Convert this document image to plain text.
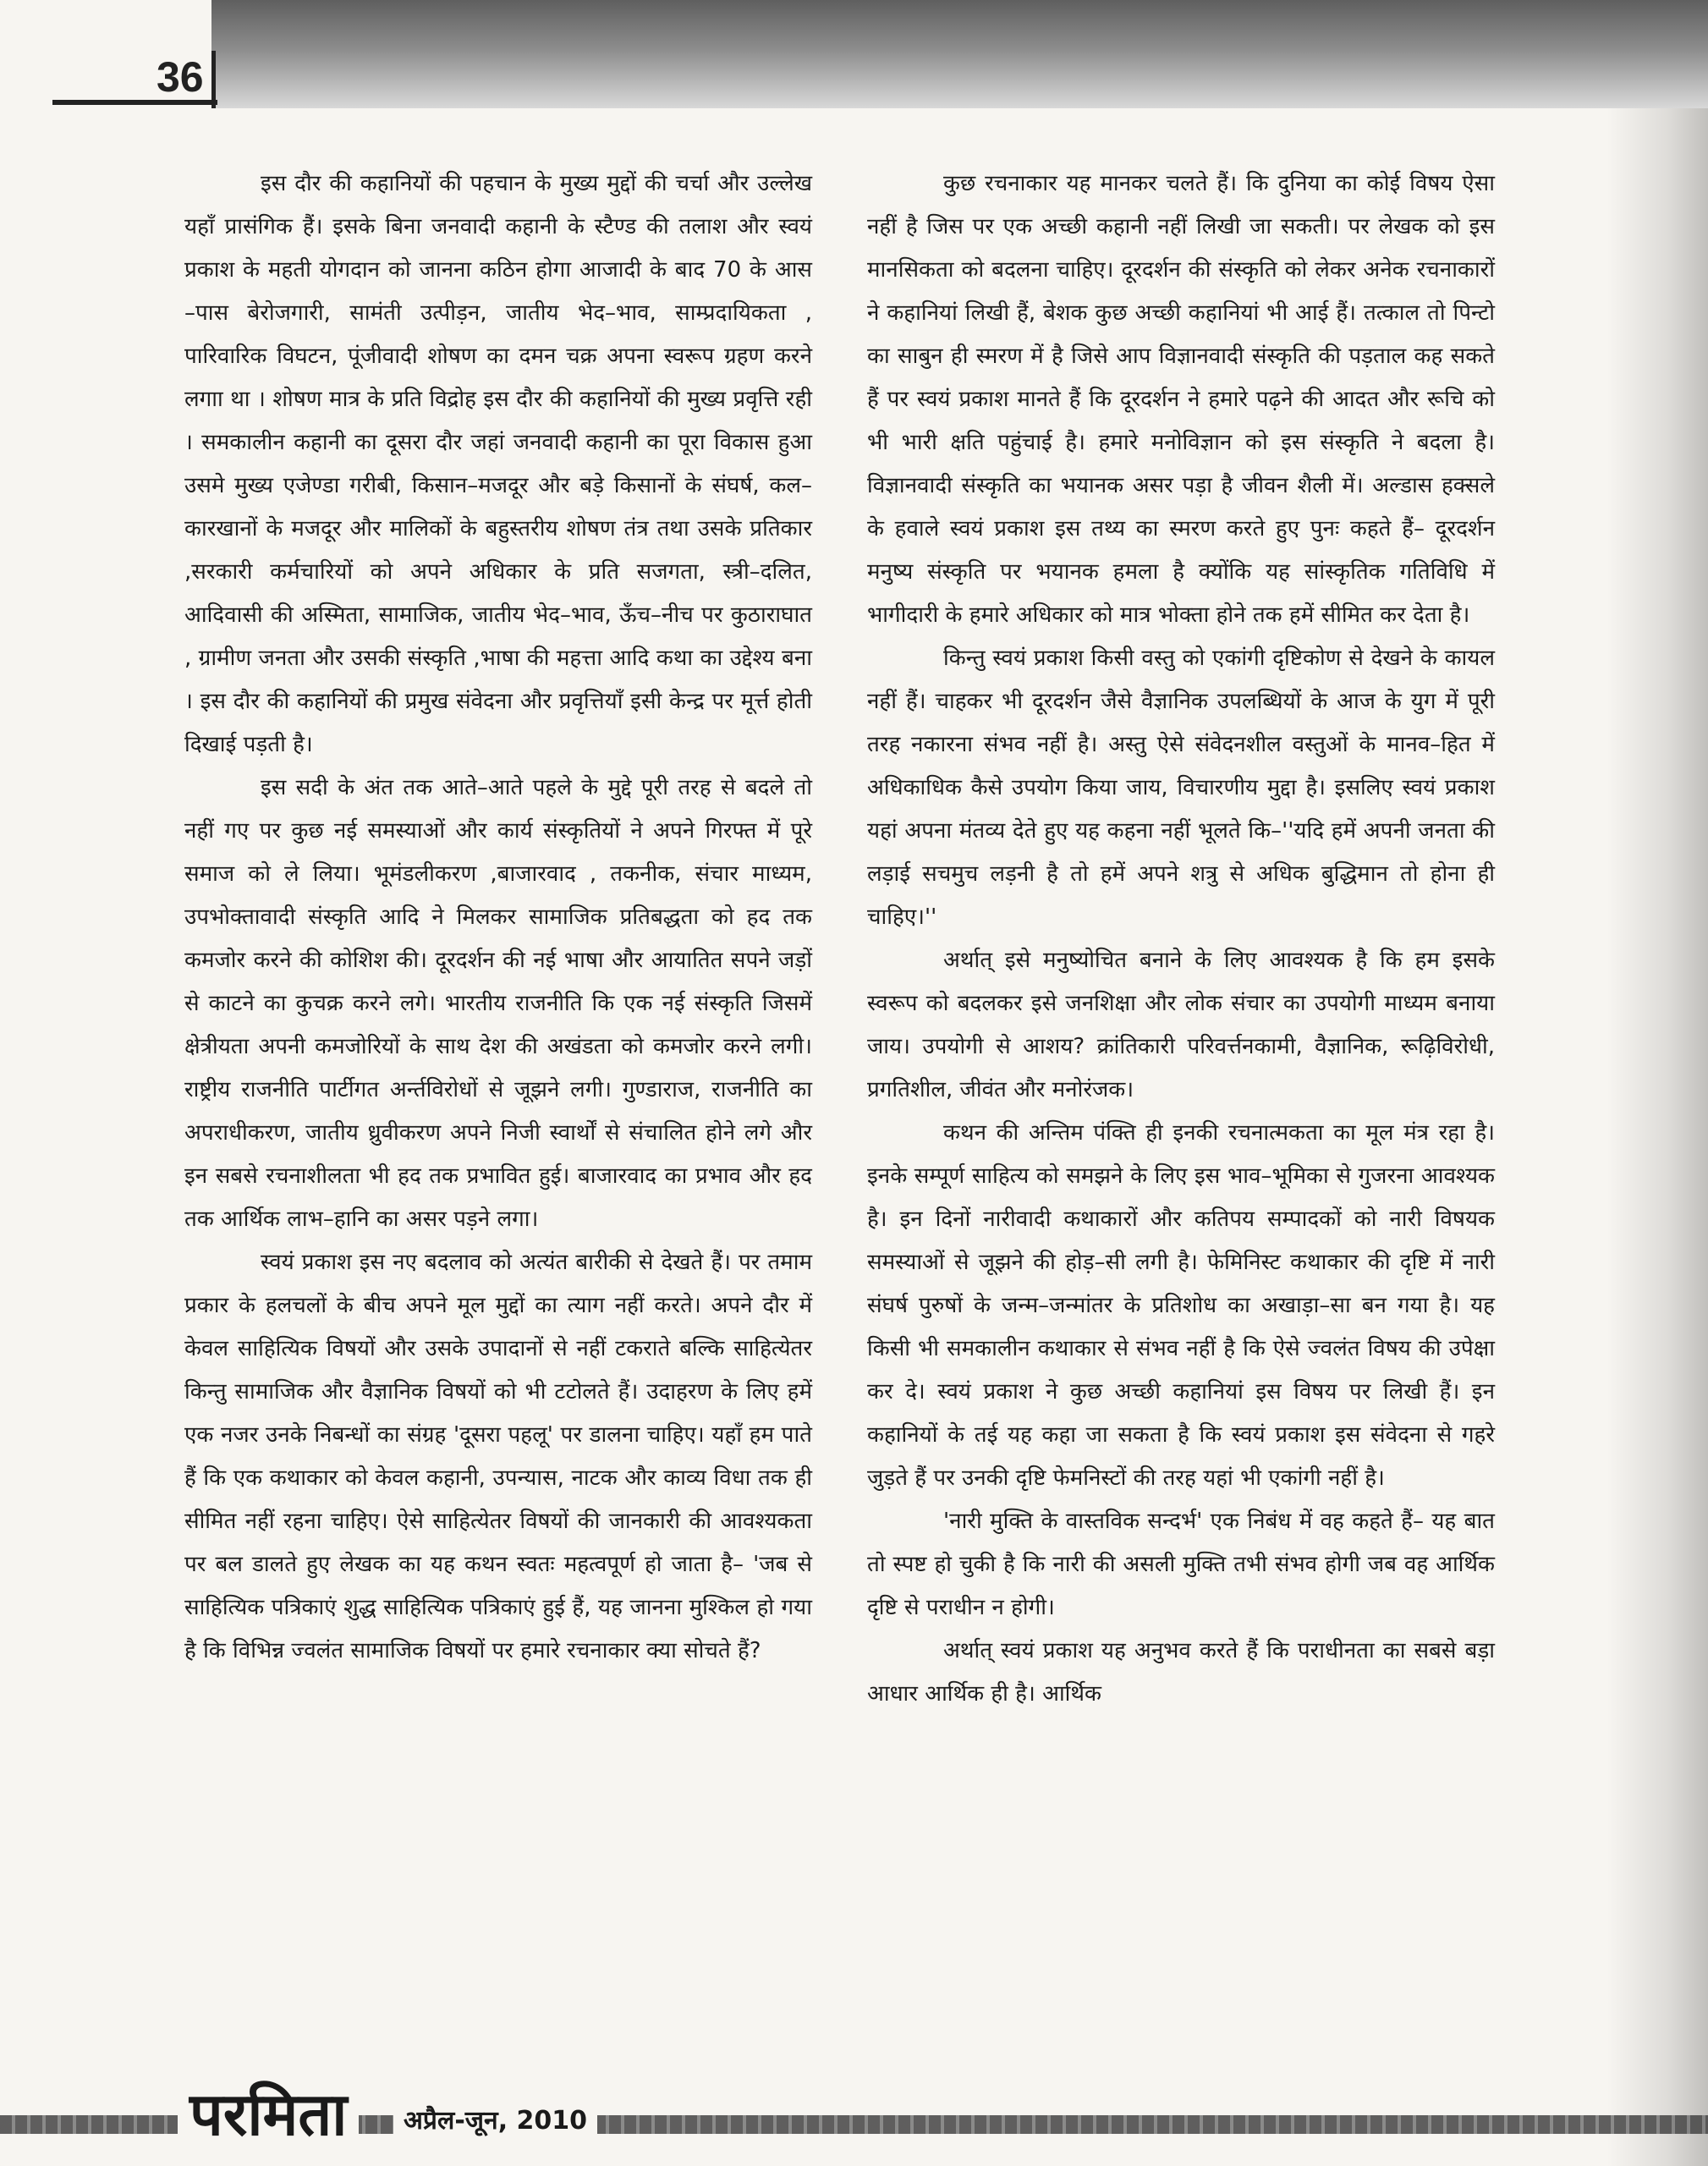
36

इस दौर की कहानियों की पहचान के मुख्य मुद्दों की चर्चा और उल्लेख यहाँ प्रासंगिक हैं। इसके बिना जनवादी कहानी के स्टैण्ड की तलाश और स्वयं प्रकाश के महती योगदान को जानना कठिन होगा आजादी के बाद 70 के आस –पास बेरोजगारी, सामंती उत्पीड़न, जातीय भेद–भाव, साम्प्रदायिकता , पारिवारिक विघटन, पूंजीवादी शोषण का दमन चक्र अपना स्वरूप ग्रहण करने लगाा था । शोषण मात्र के प्रति विद्रोह इस दौर की कहानियों की मुख्य प्रवृत्ति रही । समकालीन कहानी का दूसरा दौर जहां जनवादी कहानी का पूरा विकास हुआ उसमे मुख्य एजेण्डा गरीबी, किसान–मजदूर और बड़े किसानों के संघर्ष, कल–कारखानों के मजदूर और मालिकों के बहुस्तरीय शोषण तंत्र तथा उसके प्रतिकार ,सरकारी कर्मचारियों को अपने अधिकार के प्रति सजगता, स्त्री–दलित, आदिवासी की अस्मिता, सामाजिक, जातीय भेद–भाव, ऊँच–नीच पर कुठाराघात , ग्रामीण जनता और उसकी संस्कृति ,भाषा की महत्ता आदि कथा का उद्देश्य बना । इस दौर की कहानियों की प्रमुख संवेदना और प्रवृत्तियाँ इसी केन्द्र पर मूर्त्त होती दिखाई पड़ती है।

इस सदी के अंत तक आते–आते पहले के मुद्दे पूरी तरह से बदले तो नहीं गए पर कुछ नई समस्याओं और कार्य संस्कृतियों ने अपने गिरफ्त में पूरे समाज को ले लिया। भूमंडलीकरण ,बाजारवाद , तकनीक, संचार माध्यम, उपभोक्तावादी संस्कृति आदि ने मिलकर सामाजिक प्रतिबद्धता को हद तक कमजोर करने की कोशिश की। दूरदर्शन की नई भाषा और आयातित सपने जड़ों से काटने का कुचक्र करने लगे। भारतीय राजनीति कि एक नई संस्कृति जिसमें क्षेत्रीयता अपनी कमजोरियों के साथ देश की अखंडता को कमजोर करने लगी। राष्ट्रीय राजनीति पार्टीगत अर्न्तविरोधों से जूझने लगी। गुण्डाराज, राजनीति का अपराधीकरण, जातीय ध्रुवीकरण अपने निजी स्वार्थों से संचालित होने लगे और इन सबसे रचनाशीलता भी हद तक प्रभावित हुई। बाजारवाद का प्रभाव और हद तक आर्थिक लाभ–हानि का असर पड़ने लगा।

स्वयं प्रकाश इस नए बदलाव को अत्यंत बारीकी से देखते हैं। पर तमाम प्रकार के हलचलों के बीच अपने मूल मुद्दों का त्याग नहीं करते। अपने दौर में केवल साहित्यिक विषयों और उसके उपादानों से नहीं टकराते बल्कि साहित्येतर किन्तु सामाजिक और वैज्ञानिक विषयों को भी टटोलते हैं। उदाहरण के लिए हमें एक नजर उनके निबन्धों का संग्रह 'दूसरा पहलू' पर डालना चाहिए। यहाँ हम पाते हैं कि एक कथाकार को केवल कहानी, उपन्यास, नाटक और काव्य विधा तक ही सीमित नहीं रहना चाहिए। ऐसे साहित्येतर विषयों की जानकारी की आवश्यकता पर बल डालते हुए लेखक का यह कथन स्वतः महत्वपूर्ण हो जाता है– 'जब से साहित्यिक पत्रिकाएं शुद्ध साहित्यिक पत्रिकाएं हुई हैं, यह जानना मुश्किल हो गया है कि विभिन्न ज्वलंत सामाजिक विषयों पर हमारे रचनाकार क्या सोचते हैं?

कुछ रचनाकार यह मानकर चलते हैं। कि दुनिया का कोई विषय ऐसा नहीं है जिस पर एक अच्छी कहानी नहीं लिखी जा सकती। पर लेखक को इस मानसिकता को बदलना चाहिए। दूरदर्शन की संस्कृति को लेकर अनेक रचनाकारों ने कहानियां लिखी हैं, बेशक कुछ अच्छी कहानियां भी आई हैं। तत्काल तो पिन्टो का साबुन ही स्मरण में है जिसे आप विज्ञानवादी संस्कृति की पड़ताल कह सकते हैं पर स्वयं प्रकाश मानते हैं कि दूरदर्शन ने हमारे पढ़ने की आदत और रूचि को भी भारी क्षति पहुंचाई है। हमारे मनोविज्ञान को इस संस्कृति ने बदला है। विज्ञानवादी संस्कृति का भयानक असर पड़ा है जीवन शैली में। अल्डास हक्सले के हवाले स्वयं प्रकाश इस तथ्य का स्मरण करते हुए पुनः कहते हैं– दूरदर्शन मनुष्य संस्कृति पर भयानक हमला है क्योंकि यह सांस्कृतिक गतिविधि में भागीदारी के हमारे अधिकार को मात्र भोक्ता होने तक हमें सीमित कर देता है।

किन्तु स्वयं प्रकाश किसी वस्तु को एकांगी दृष्टिकोण से देखने के कायल नहीं हैं। चाहकर भी दूरदर्शन जैसे वैज्ञानिक उपलब्धियों के आज के युग में पूरी तरह नकारना संभव नहीं है। अस्तु ऐसे संवेदनशील वस्तुओं के मानव–हित में अधिकाधिक कैसे उपयोग किया जाय, विचारणीय मुद्दा है। इसलिए स्वयं प्रकाश यहां अपना मंतव्य देते हुए यह कहना नहीं भूलते कि–''यदि हमें अपनी जनता की लड़ाई सचमुच लड़नी है तो हमें अपने शत्रु से अधिक बुद्धिमान तो होना ही चाहिए।''

अर्थात् इसे मनुष्योचित बनाने के लिए आवश्यक है कि हम इसके स्वरूप को बदलकर इसे जनशिक्षा और लोक संचार का उपयोगी माध्यम बनाया जाय। उपयोगी से आशय? क्रांतिकारी परिवर्त्तनकामी, वैज्ञानिक, रूढ़िविरोधी, प्रगतिशील, जीवंत और मनोरंजक।

कथन की अन्तिम पंक्ति ही इनकी रचनात्मकता का मूल मंत्र रहा है। इनके सम्पूर्ण साहित्य को समझने के लिए इस भाव–भूमिका से गुजरना आवश्यक है। इन दिनों नारीवादी कथाकारों और कतिपय सम्पादकों को नारी विषयक समस्याओं से जूझने की होड़–सी लगी है। फेमिनिस्ट कथाकार की दृष्टि में नारी संघर्ष पुरुषों के जन्म–जन्मांतर के प्रतिशोध का अखाड़ा–सा बन गया है। यह किसी भी समकालीन कथाकार से संभव नहीं है कि ऐसे ज्वलंत विषय की उपेक्षा कर दे। स्वयं प्रकाश ने कुछ अच्छी कहानियां इस विषय पर लिखी हैं। इन कहानियों के तई यह कहा जा सकता है कि स्वयं प्रकाश इस संवेदना से गहरे जुड़ते हैं पर उनकी दृष्टि फेमनिस्टों की तरह यहां भी एकांगी नहीं है।

'नारी मुक्ति के वास्तविक सन्दर्भ' एक निबंध में वह कहते हैं– यह बात तो स्पष्ट हो चुकी है कि नारी की असली मुक्ति तभी संभव होगी जब वह आर्थिक दृष्टि से पराधीन न होगी।

अर्थात् स्वयं प्रकाश यह अनुभव करते हैं कि पराधीनता का सबसे बड़ा आधार आर्थिक ही है। आर्थिक

परमिता	अप्रैल-जून, 2010
